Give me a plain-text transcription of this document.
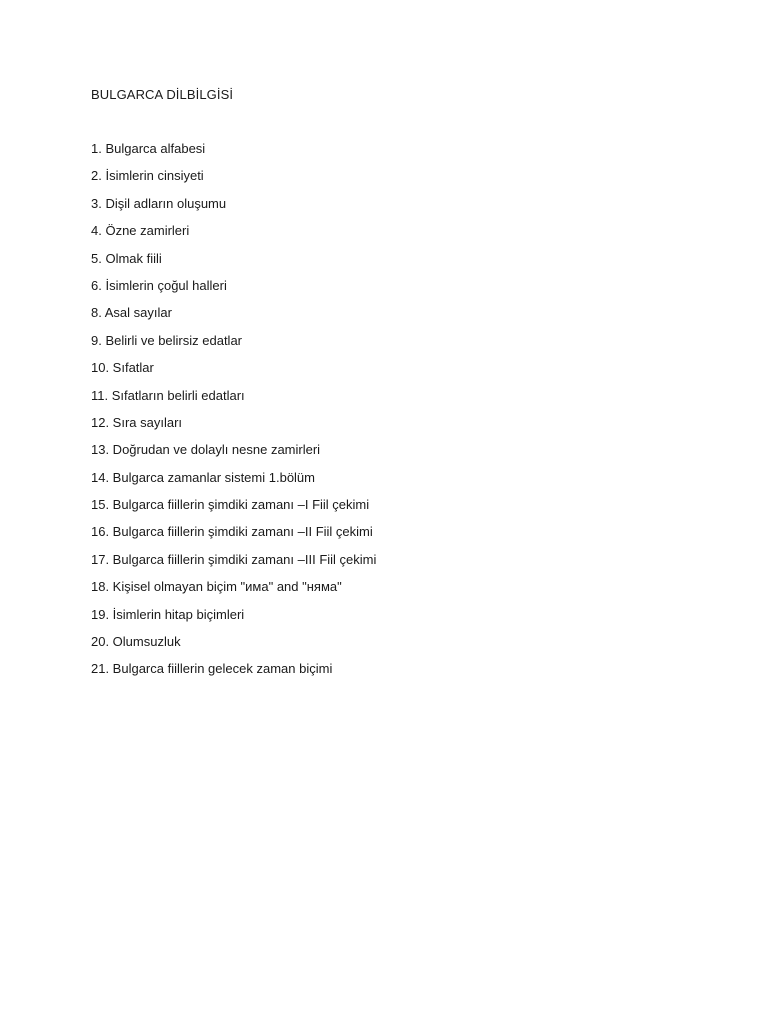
BULGARCA DİLBİLGİSİ
1. Bulgarca alfabesi
2. İsimlerin cinsiyeti
3. Dişil adların oluşumu
4. Özne zamirleri
5. Olmak fiili
6. İsimlerin çoğul halleri
8. Asal sayılar
9. Belirli ve belirsiz edatlar
10. Sıfatlar
11. Sıfatların belirli edatları
12. Sıra sayıları
13. Doğrudan ve dolaylı nesne zamirleri
14. Bulgarca zamanlar sistemi 1.bölüm
15. Bulgarca fiillerin şimdiki zamanı –I Fiil çekimi
16. Bulgarca fiillerin şimdiki zamanı –II Fiil çekimi
17. Bulgarca fiillerin şimdiki zamanı –III Fiil çekimi
18. Kişisel olmayan biçim "има" and "няма"
19. İsimlerin hitap biçimleri
20. Olumsuzluk
21. Bulgarca fiillerin gelecek zaman biçimi
